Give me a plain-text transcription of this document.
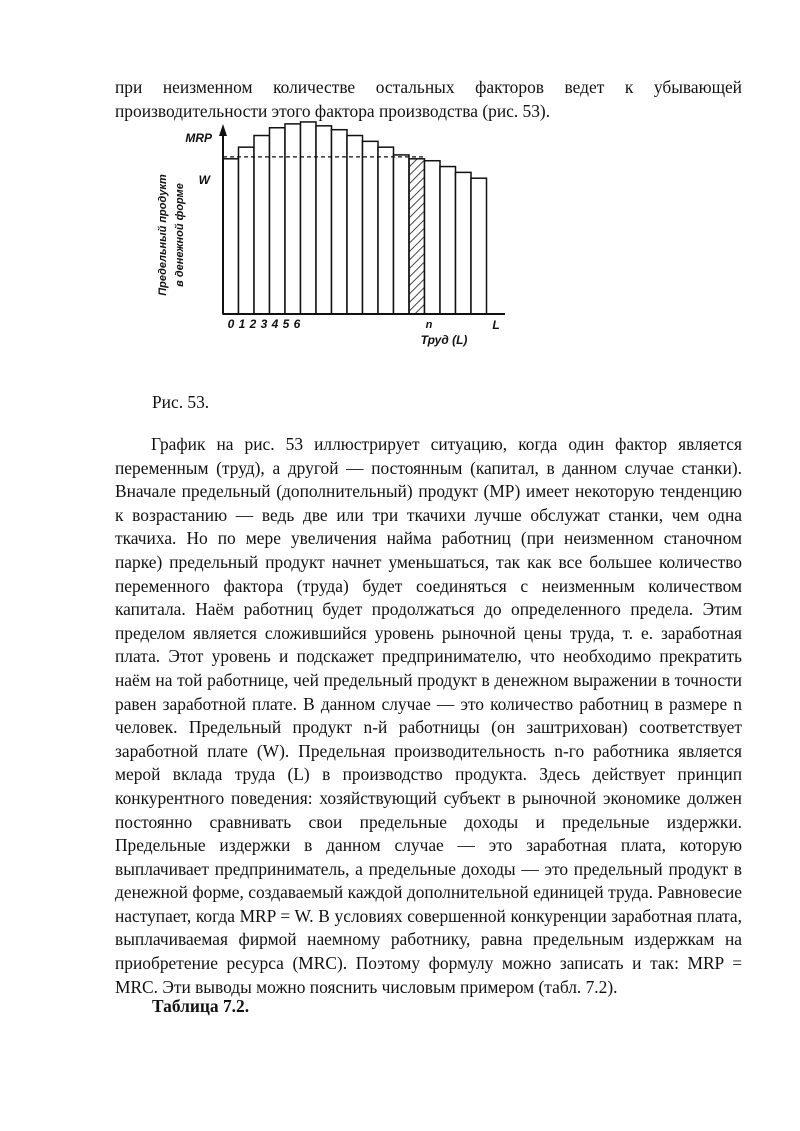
при неизменном количестве остальных факторов ведет к убывающей производительности этого фактора производства (рис. 53).

MRP
W
Предельный продукт в денежной форме
0 1 2 3 4 5 6	n	L
Труд (L)

Рис. 53.

График на рис. 53 иллюстрирует ситуацию, когда один фактор является переменным (труд), а другой — постоянным (капитал, в данном случае станки). Вначале предельный (дополнительный) продукт (МР) имеет некоторую тенденцию к возрастанию — ведь две или три ткачихи лучше обслужат станки, чем одна ткачиха. Но по мере увеличения найма работниц (при неизменном станочном парке) предельный продукт начнет уменьшаться, так как все большее количество переменного фактора (труда) будет соединяться с неизменным количеством капитала. Наём работниц будет продолжаться до определенного предела. Этим пределом является сложившийся уровень рыночной цены труда, т. е. заработная плата. Этот уровень и подскажет предпринимателю, что необходимо прекратить наём на той работнице, чей предельный продукт в денежном выражении в точности равен заработной плате. В данном случае — это количество работниц в размере n человек. Предельный продукт n-й работницы (он заштрихован) соответствует заработной плате (W). Предельная производительность n-го работника является мерой вклада труда (L) в производство продукта. Здесь действует принцип конкурентного поведения: хозяйствующий субъект в рыночной экономике должен постоянно сравнивать свои предельные доходы и предельные издержки. Предельные издержки в данном случае — это заработная плата, которую выплачивает предприниматель, а предельные доходы — это предельный продукт в денежной форме, создаваемый каждой дополнительной единицей труда. Равновесие наступает, когда MRP = W. В условиях совершенной конкуренции заработная плата, выплачиваемая фирмой наемному работнику, равна предельным издержкам на приобретение ресурса (MRC). Поэтому формулу можно записать и так: MRP = MRC. Эти выводы можно пояснить числовым примером (табл. 7.2).

Таблица 7.2.
